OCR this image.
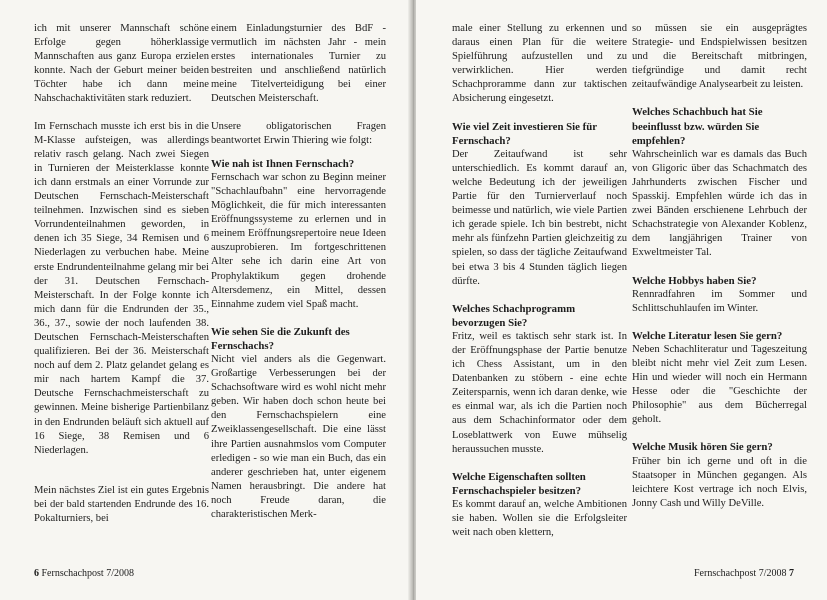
ich mit unserer Mannschaft schöne Erfolge gegen höherklassige Mannschaften aus ganz Europa erzielen konnte. Nach der Geburt meiner beiden Töchter habe ich dann meine Nahschachaktivitäten stark reduziert.

Im Fernschach musste ich erst bis in die M-Klasse aufsteigen, was allerdings relativ rasch gelang. Nach zwei Siegen in Turnieren der Meisterklasse konnte ich dann erstmals an einer Vorrunde zur Deutschen Fernschach-Meisterschaft teilnehmen. Inzwischen sind es sieben Vorrundenteilnahmen geworden, in denen ich 35 Siege, 34 Remisen und 6 Niederlagen zu verbuchen habe. Meine erste Endrundenteilnahme gelang mir bei der 31. Deutschen Fernschach-Meisterschaft. In der Folge konnte ich mich dann für die Endrunden der 35., 36., 37., sowie der noch laufenden 38. Deutschen Fernschach-Meisterschaften qualifizieren. Bei der 36. Meisterschaft noch auf dem 2. Platz gelandet gelang es mir nach hartem Kampf die 37. Deutsche Fernschachmeisterschaft zu gewinnen. Meine bisherige Partienbilanz in den Endrunden beläuft sich aktuell auf 16 Siege, 38 Remisen und 6 Niederlagen.

Mein nächstes Ziel ist ein gutes Ergebnis bei der bald startenden Endrunde des 16. Pokalturniers, bei

einem Einladungsturnier des BdF - vermutlich im nächsten Jahr - mein erstes internationales Turnier zu bestreiten und anschließend natürlich meine Titelverteidigung bei einer Deutschen Meisterschaft.

Unsere obligatorischen Fragen beantwortet Erwin Thiering wie folgt:

Wie nah ist Ihnen Fernschach?

Fernschach war schon zu Beginn meiner "Schachlaufbahn" eine hervorragende Möglichkeit, die für mich interessanten Eröffnungssysteme zu erlernen und in meinem Eröffnungsrepertoire neue Ideen auszuprobieren. Im fortgeschrittenen Alter sehe ich darin eine Art von Prophylaktikum gegen drohende Altersdemenz, ein Mittel, dessen Einnahme zudem viel Spaß macht.

Wie sehen Sie die Zukunft des Fernschachs?

Nicht viel anders als die Gegenwart. Großartige Verbesserungen bei der Schachsoftware wird es wohl nicht mehr geben. Wir haben doch schon heute bei den Fernschachspielern eine Zweiklassengesellschaft. Die eine lässt ihre Partien ausnahmslos vom Computer erledigen - so wie man ein Buch, das ein anderer geschrieben hat, unter eigenem Namen herausbringt. Die andere hat noch Freude daran, die charakteristischen Merk-

6 Fernschachpost 7/2008

male einer Stellung zu erkennen und daraus einen Plan für die weitere Spielführung aufzustellen und zu verwirklichen. Hier werden Schachproramme dann zur taktischen Absicherung eingesetzt.

Wie viel Zeit investieren Sie für Fernschach?

Der Zeitaufwand ist sehr unterschiedlich. Es kommt darauf an, welche Bedeutung ich der jeweiligen Partie für den Turnierverlauf noch beimesse und natürlich, wie viele Partien ich gerade spiele. Ich bin bestrebt, nicht mehr als fünfzehn Partien gleichzeitig zu spielen, so dass der tägliche Zeitaufwand bei etwa 3 bis 4 Stunden täglich liegen dürfte.

Welches Schachprogramm bevorzugen Sie?

Fritz, weil es taktisch sehr stark ist. In der Eröffnungsphase der Partie benutze ich Chess Assistant, um in den Datenbanken zu stöbern - eine echte Zeitersparnis, wenn ich daran denke, wie es einmal war, als ich die Partien noch aus dem Schachinformator oder dem Loseblattwerk von Euwe mühselig heraussuchen musste.

Welche Eigenschaften sollten Fernschachspieler besitzen?

Es kommt darauf an, welche Ambitionen sie haben. Wollen sie die Erfolgsleiter weit nach oben klettern,

so müssen sie ein ausgeprägtes Strategie- und Endspielwissen besitzen und die Bereitschaft mitbringen, tiefgründige und damit recht zeitaufwändige Analysearbeit zu leisten.

Welches Schachbuch hat Sie beeinflusst bzw. würden Sie empfehlen?

Wahrscheinlich war es damals das Buch von Gligoric über das Schachmatch des Jahrhunderts zwischen Fischer und Spasskij. Empfehlen würde ich das in zwei Bänden erschienene Lehrbuch der Schachstrategie von Alexander Koblenz, dem langjährigen Trainer von Exweltmeister Tal.

Welche Hobbys haben Sie?

Rennradfahren im Sommer und Schlittschuhlaufen im Winter.

Welche Literatur lesen Sie gern?

Neben Schachliteratur und Tageszeitung bleibt nicht mehr viel Zeit zum Lesen. Hin und wieder will noch ein Hermann Hesse oder die "Geschichte der Philosophie" aus dem Bücherregal geholt.

Welche Musik hören Sie gern?

Früher bin ich gerne und oft in die Staatsoper in München gegangen. Als leichtere Kost vertrage ich noch Elvis, Jonny Cash und Willy DeVille.

Fernschachpost 7/2008 7
